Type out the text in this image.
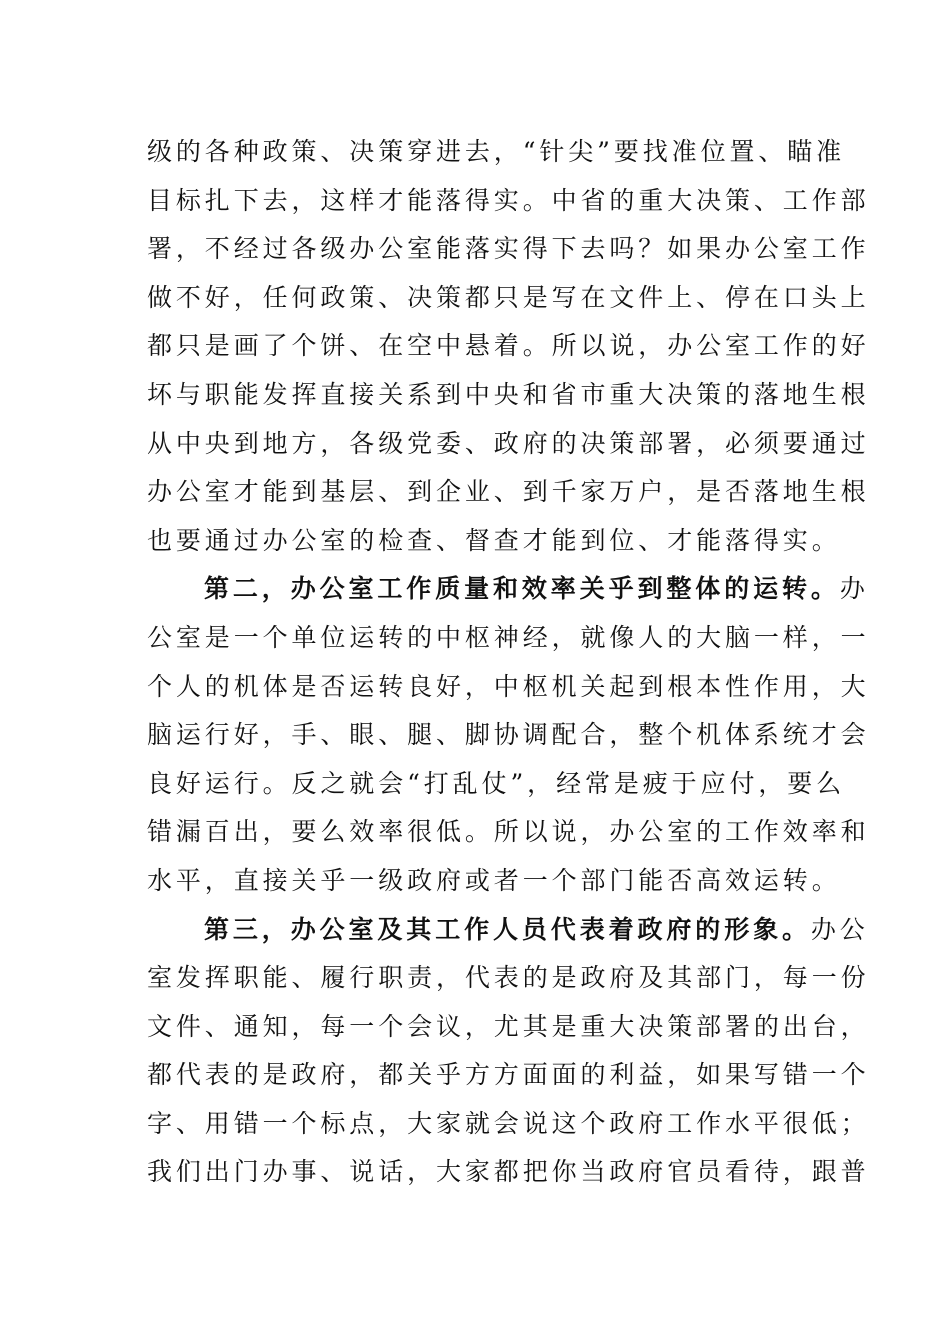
级的各种政策、决策穿进去，“针尖”要找准位置、瞄准
目标扎下去，这样才能落得实。中省的重大决策、工作部
署，不经过各级办公室能落实得下去吗？如果办公室工作
做不好，任何政策、决策都只是写在文件上、停在口头上
都只是画了个饼、在空中悬着。所以说，办公室工作的好
坏与职能发挥直接关系到中央和省市重大决策的落地生根
从中央到地方，各级党委、政府的决策部署，必须要通过
办公室才能到基层、到企业、到千家万户，是否落地生根
也要通过办公室的检查、督查才能到位、才能落得实。
第二，办公室工作质量和效率关乎到整体的运转。办
公室是一个单位运转的中枢神经，就像人的大脑一样，一
个人的机体是否运转良好，中枢机关起到根本性作用，大
脑运行好，手、眼、腿、脚协调配合，整个机体系统才会
良好运行。反之就会“打乱仗”，经常是疲于应付，要么
错漏百出，要么效率很低。所以说，办公室的工作效率和
水平，直接关乎一级政府或者一个部门能否高效运转。
第三，办公室及其工作人员代表着政府的形象。办公
室发挥职能、履行职责，代表的是政府及其部门，每一份
文件、通知，每一个会议，尤其是重大决策部署的出台，
都代表的是政府，都关乎方方面面的利益，如果写错一个
字、用错一个标点，大家就会说这个政府工作水平很低；
我们出门办事、说话，大家都把你当政府官员看待，跟普
